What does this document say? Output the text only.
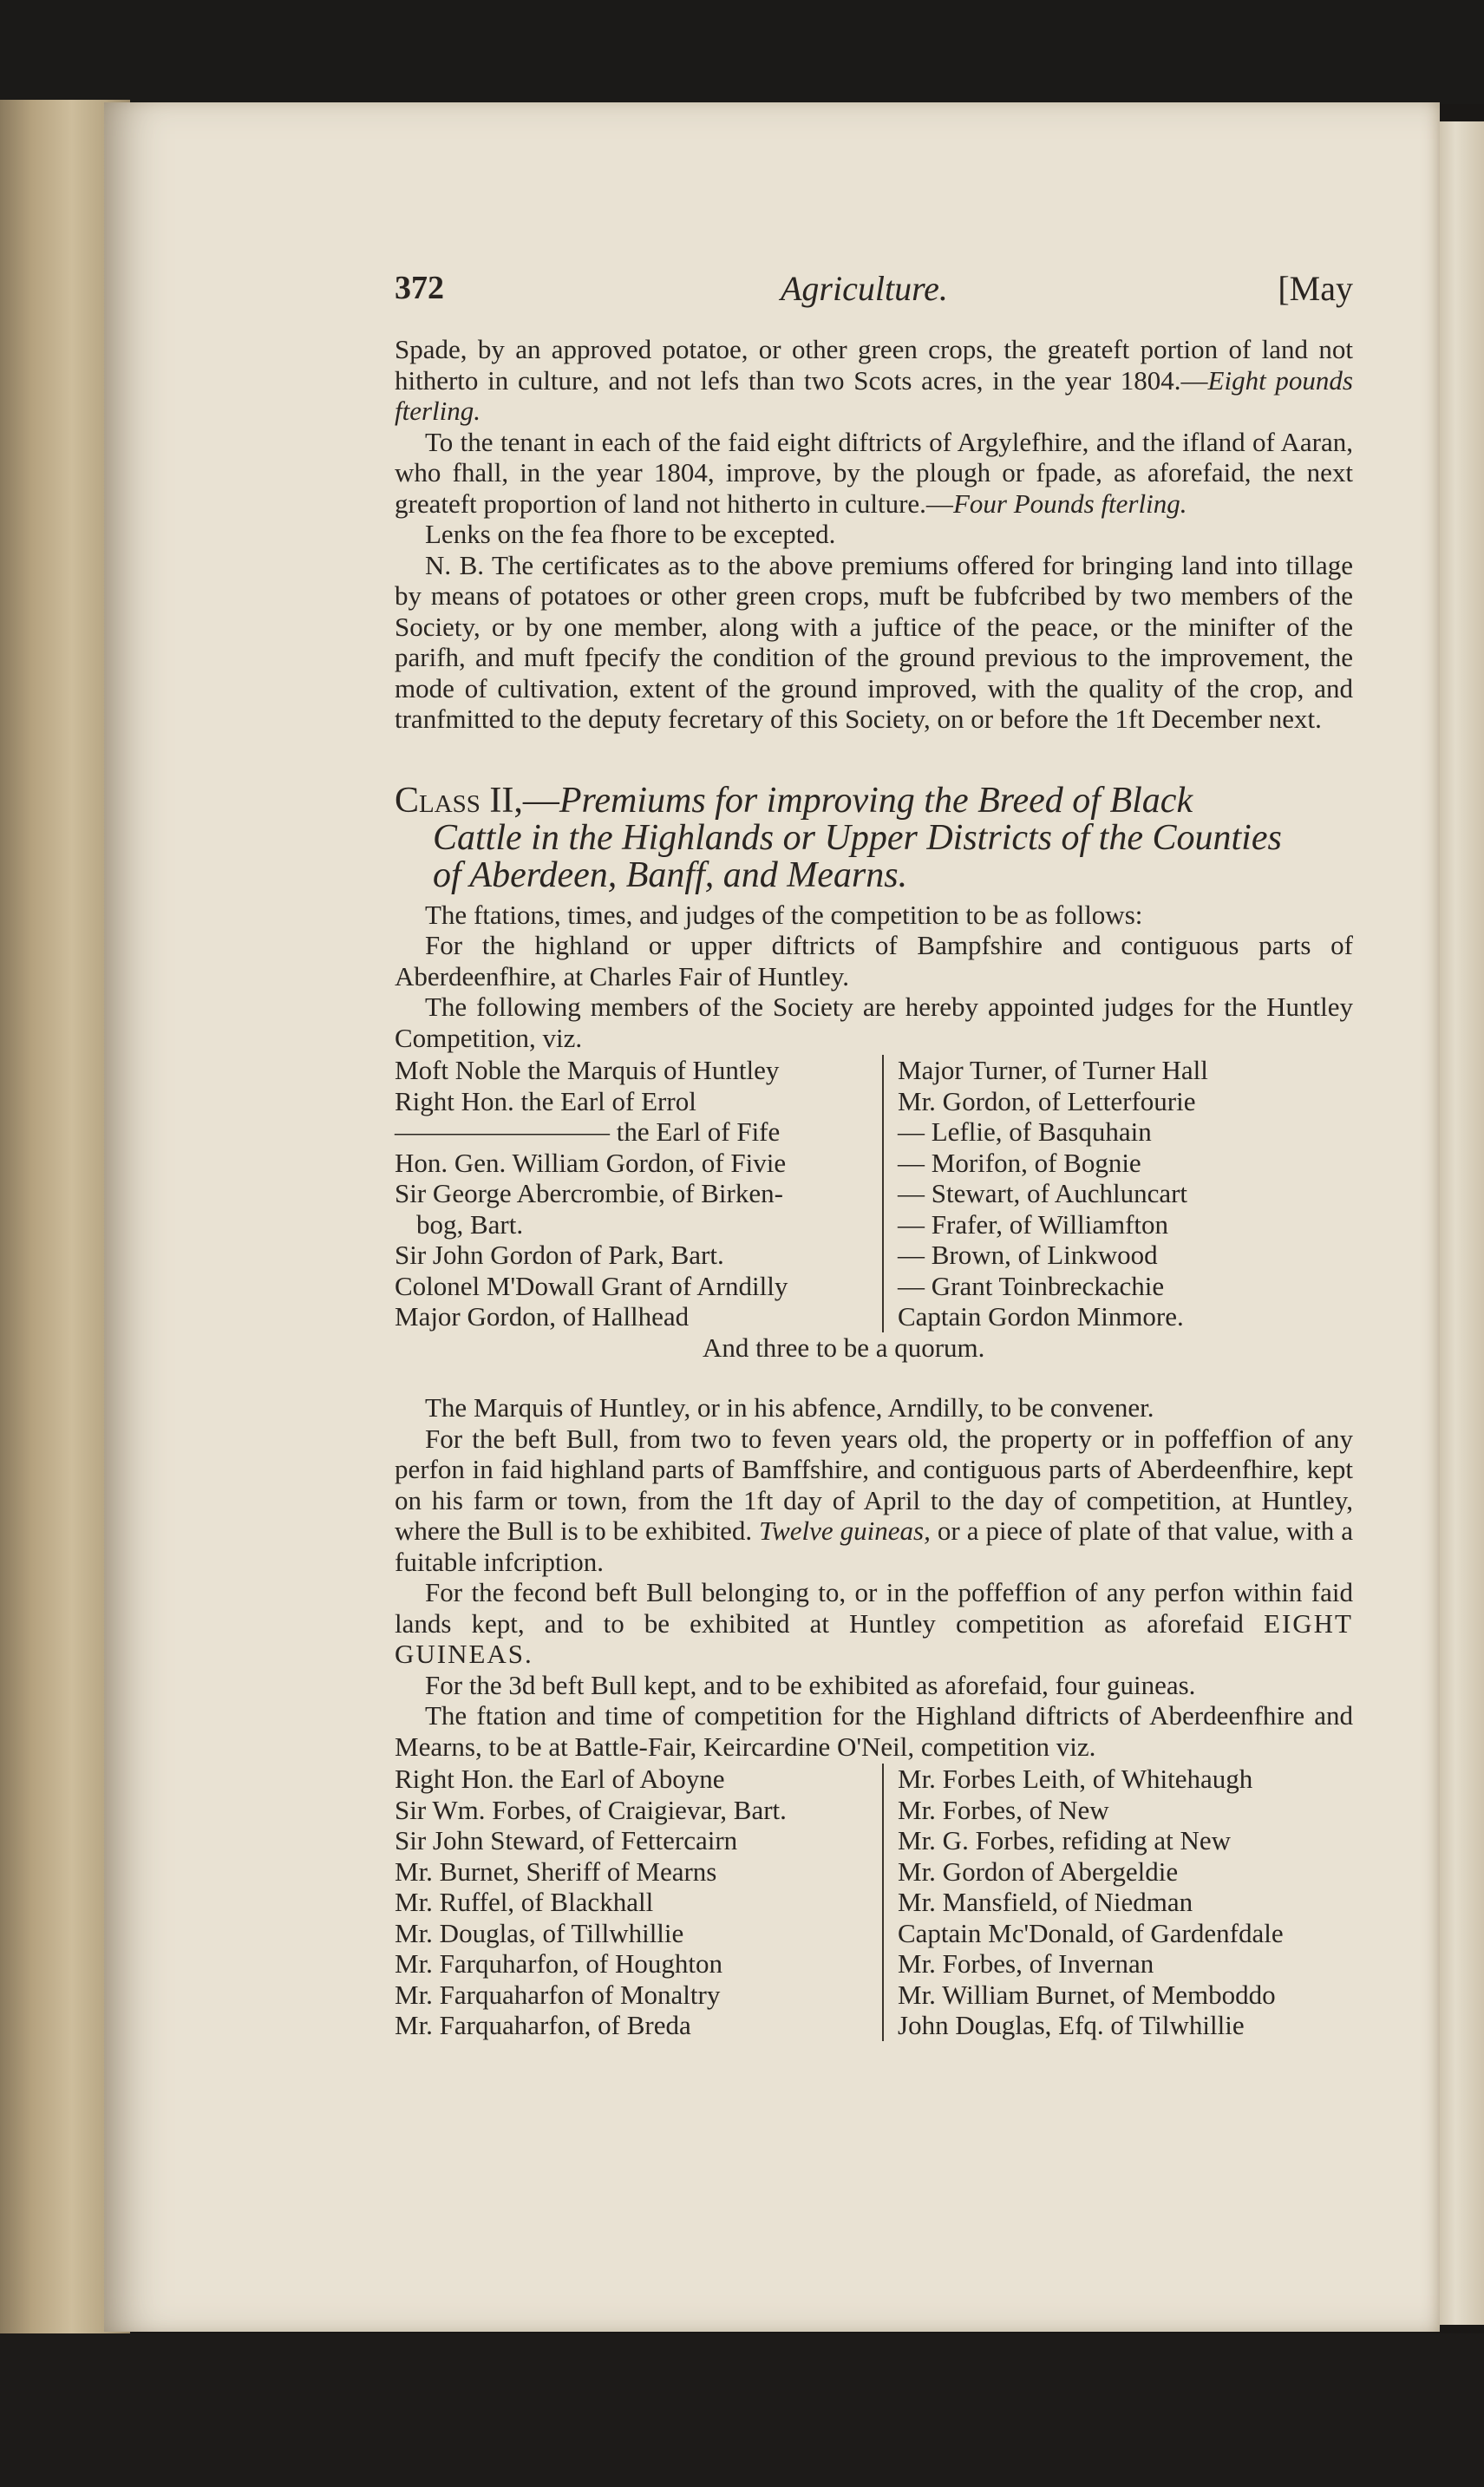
372	Agriculture.	[May

Spade, by an approved potatoe, or other green crops, the greateft portion of land not hitherto in culture, and not lefs than two Scots acres, in the year 1804.—Eight pounds fterling.

To the tenant in each of the faid eight diftricts of Argylefhire, and the ifland of Aaran, who fhall, in the year 1804, improve, by the plough or fpade, as aforefaid, the next greateft proportion of land not hitherto in culture.—Four Pounds fterling.

Lenks on the fea fhore to be excepted.

N. B. The certificates as to the above premiums offered for bringing land into tillage by means of potatoes or other green crops, muft be fubfcribed by two members of the Society, or by one member, along with a juftice of the peace, or the minifter of the parifh, and muft fpecify the condition of the ground previous to the improvement, the mode of cultivation, extent of the ground improved, with the quality of the crop, and tranfmitted to the deputy fecretary of this Society, on or before the 1ft December next.

Class II,—Premiums for improving the Breed of Black
Cattle in the Highlands or Upper Districts of the Counties
of Aberdeen, Banff, and Mearns.

The ftations, times, and judges of the competition to be as follows:

For the highland or upper diftricts of Bampfshire and contiguous parts of Aberdeenfhire, at Charles Fair of Huntley.

The following members of the Society are hereby appointed judges for the Huntley Competition, viz.

Moft Noble the Marquis of Huntley
Right Hon. the Earl of Errol
———————— the Earl of Fife
Hon. Gen. William Gordon, of Fivie
Sir George Abercrombie, of Birken-
bog, Bart.
Sir John Gordon of Park, Bart.
Colonel M'Dowall Grant of Arndilly
Major Gordon, of Hallhead
Major Turner, of Turner Hall
Mr. Gordon, of Letterfourie
— Leflie, of Basquhain
— Morifon, of Bognie
— Stewart, of Auchluncart
— Frafer, of Williamfton
— Brown, of Linkwood
— Grant Toinbreckachie
Captain Gordon Minmore.
And three to be a quorum.

The Marquis of Huntley, or in his abfence, Arndilly, to be convener.

For the beft Bull, from two to feven years old, the property or in poffeffion of any perfon in faid highland parts of Bamffshire, and contiguous parts of Aberdeenfhire, kept on his farm or town, from the 1ft day of April to the day of competition, at Huntley, where the Bull is to be exhibited. Twelve guineas, or a piece of plate of that value, with a fuitable infcription.

For the fecond beft Bull belonging to, or in the poffeffion of any perfon within faid lands kept, and to be exhibited at Huntley competition as aforefaid EIGHT GUINEAS.

For the 3d beft Bull kept, and to be exhibited as aforefaid, four guineas.

The ftation and time of competition for the Highland diftricts of Aberdeenfhire and Mearns, to be at Battle-Fair, Keircardine O'Neil, competition viz.

Right Hon. the Earl of Aboyne
Sir Wm. Forbes, of Craigievar, Bart.
Sir John Steward, of Fettercairn
Mr. Burnet, Sheriff of Mearns
Mr. Ruffel, of Blackhall
Mr. Douglas, of Tillwhillie
Mr. Farquharfon, of Houghton
Mr. Farquaharfon of Monaltry
Mr. Farquaharfon, of Breda
Mr. Forbes Leith, of Whitehaugh
Mr. Forbes, of New
Mr. G. Forbes, refiding at New
Mr. Gordon of Abergeldie
Mr. Mansfield, of Niedman
Captain Mc'Donald, of Gardenfdale
Mr. Forbes, of Invernan
Mr. William Burnet, of Memboddo
John Douglas, Efq. of Tilwhillie
